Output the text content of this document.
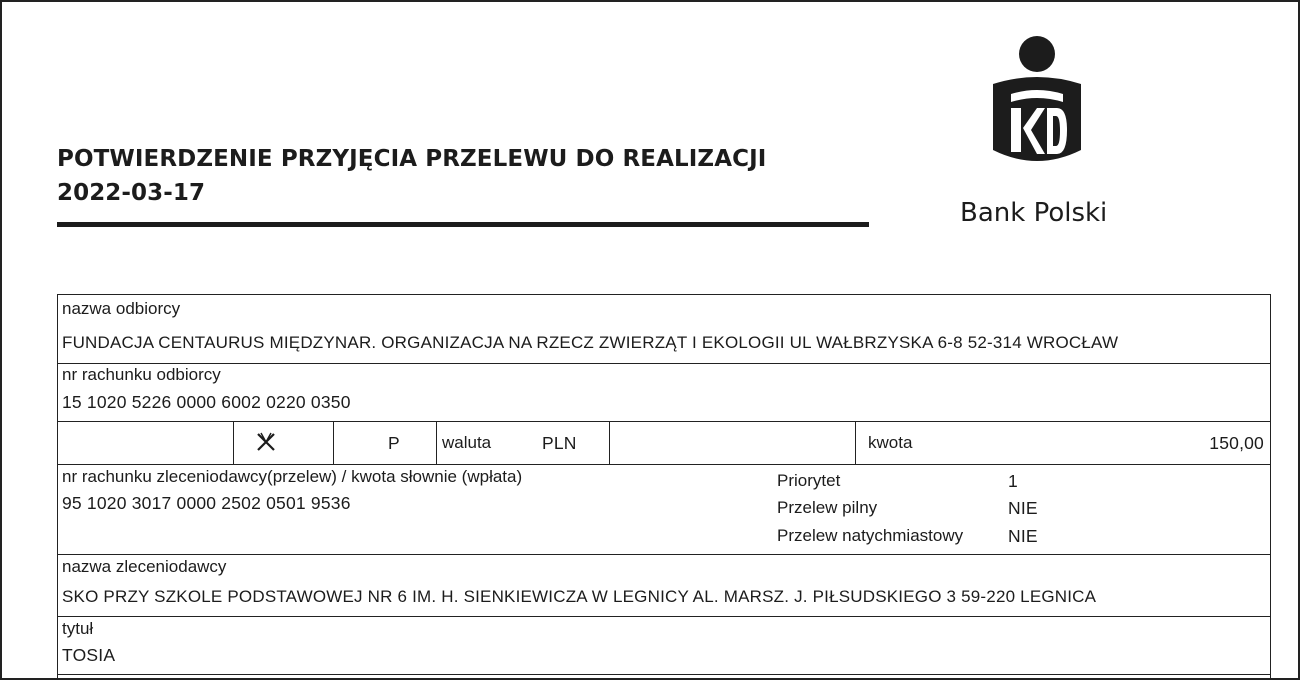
POTWIERDZENIE PRZYJĘCIA PRZELEWU DO REALIZACJI
2022-03-17
Bank Polski
nazwa odbiorcy
FUNDACJA CENTAURUS MIĘDZYNAR. ORGANIZACJA NA RZECZ ZWIERZĄT I EKOLOGII UL WAŁBRZYSKA 6-8 52-314 WROCŁAW
nr rachunku odbiorcy
15 1020 5226 0000 6002 0220 0350
P waluta	PLN	kwota	150,00
nr rachunku zleceniodawcy(przelew) / kwota słownie (wpłata)
95 1020 3017 0000 2502 0501 9536
Priorytet	1
Przelew pilny	NIE
Przelew natychmiastowy	NIE
nazwa zleceniodawcy
SKO PRZY SZKOLE PODSTAWOWEJ NR 6 IM. H. SIENKIEWICZA W LEGNICY AL. MARSZ. J. PIŁSUDSKIEGO 3 59-220 LEGNICA
tytuł
TOSIA
